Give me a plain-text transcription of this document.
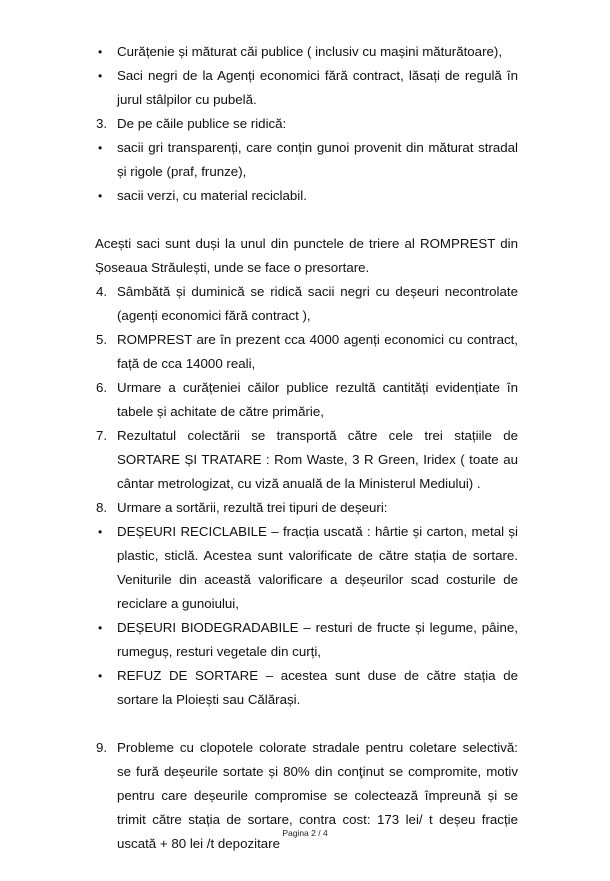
•	Curățenie și măturat căi publice ( inclusiv cu mașini măturătoare),
•	Saci negri de la Agenți economici fără contract, lăsați de regulă în jurul stâlpilor cu pubelă.
3. De pe căile publice se ridică:
•	sacii gri transparenți, care conțin gunoi provenit din măturat stradal și rigole (praf, frunze),
•	sacii verzi, cu material reciclabil.
Acești saci sunt duși la unul din punctele de triere al ROMPREST din Șoseaua Străulești, unde se face o presortare.
4. Sâmbătă și duminică se ridică sacii negri cu deșeuri necontrolate (agenți economici fără contract ),
5. ROMPREST are în prezent cca 4000 agenți economici cu contract, față de cca 14000 reali,
6. Urmare a curățeniei căilor publice rezultă cantități evidențiate în tabele și achitate de către primărie,
7. Rezultatul colectării se transportă către cele trei stațiile de SORTARE ȘI TRATARE : Rom Waste, 3 R Green, Iridex ( toate au cântar metrologizat, cu viză anuală de la Ministerul Mediului) .
8. Urmare a sortării, rezultă trei tipuri de deșeuri:
•	DEȘEURI RECICLABILE – fracția uscată : hârtie și carton, metal și plastic, sticlă. Acestea sunt valorificate de către stația de sortare. Veniturile din această valorificare a deșeurilor scad costurile de reciclare a gunoiului,
•	DEȘEURI BIODEGRADABILE – resturi de fructe și legume, pâine, rumeguș, resturi vegetale din curți,
•	REFUZ DE SORTARE – acestea sunt duse de către stația de sortare la Ploiești sau Călărași.
9. Probleme cu clopotele colorate stradale pentru coletare selectivă: se fură deșeurile sortate și 80% din conţinut se compromite, motiv pentru care deșeurile compromise se colectează împreună și se trimit către stația de sortare, contra cost: 173 lei/ t deșeu fracție uscată + 80 lei /t depozitare
Pagina 2 / 4
